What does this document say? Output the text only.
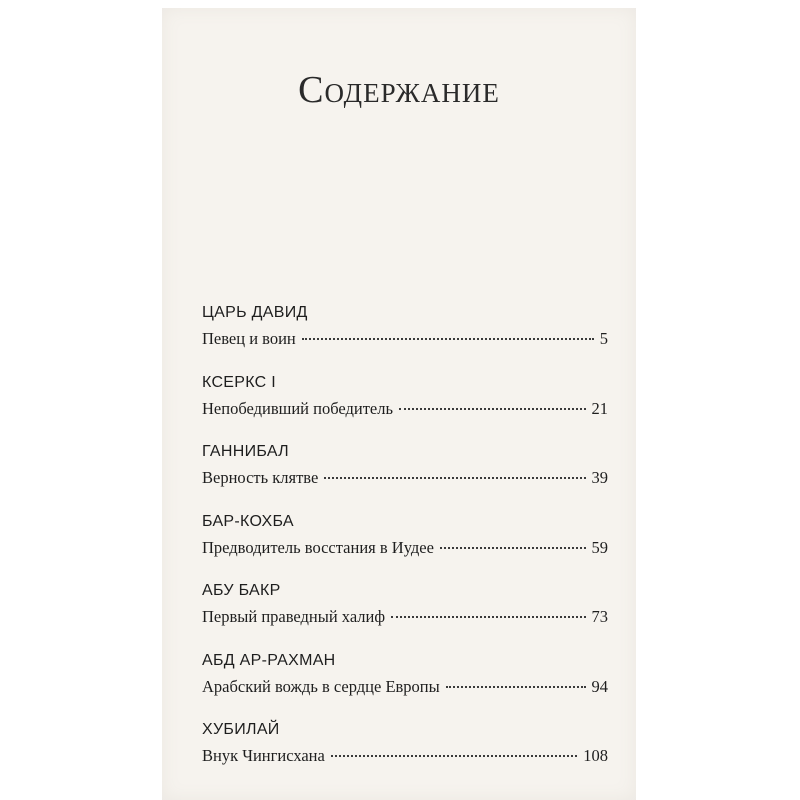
Содержание
ЦАРЬ ДАВИД
Певец и воин	5
КСЕРКС I
Непобедивший победитель	21
ГАННИБАЛ
Верность клятве	39
БАР-КОХБА
Предводитель восстания в Иудее	59
АБУ БАКР
Первый праведный халиф	73
АБД АР-РАХМАН
Арабский вождь в сердце Европы	94
ХУБИЛАЙ
Внук Чингисхана	108
